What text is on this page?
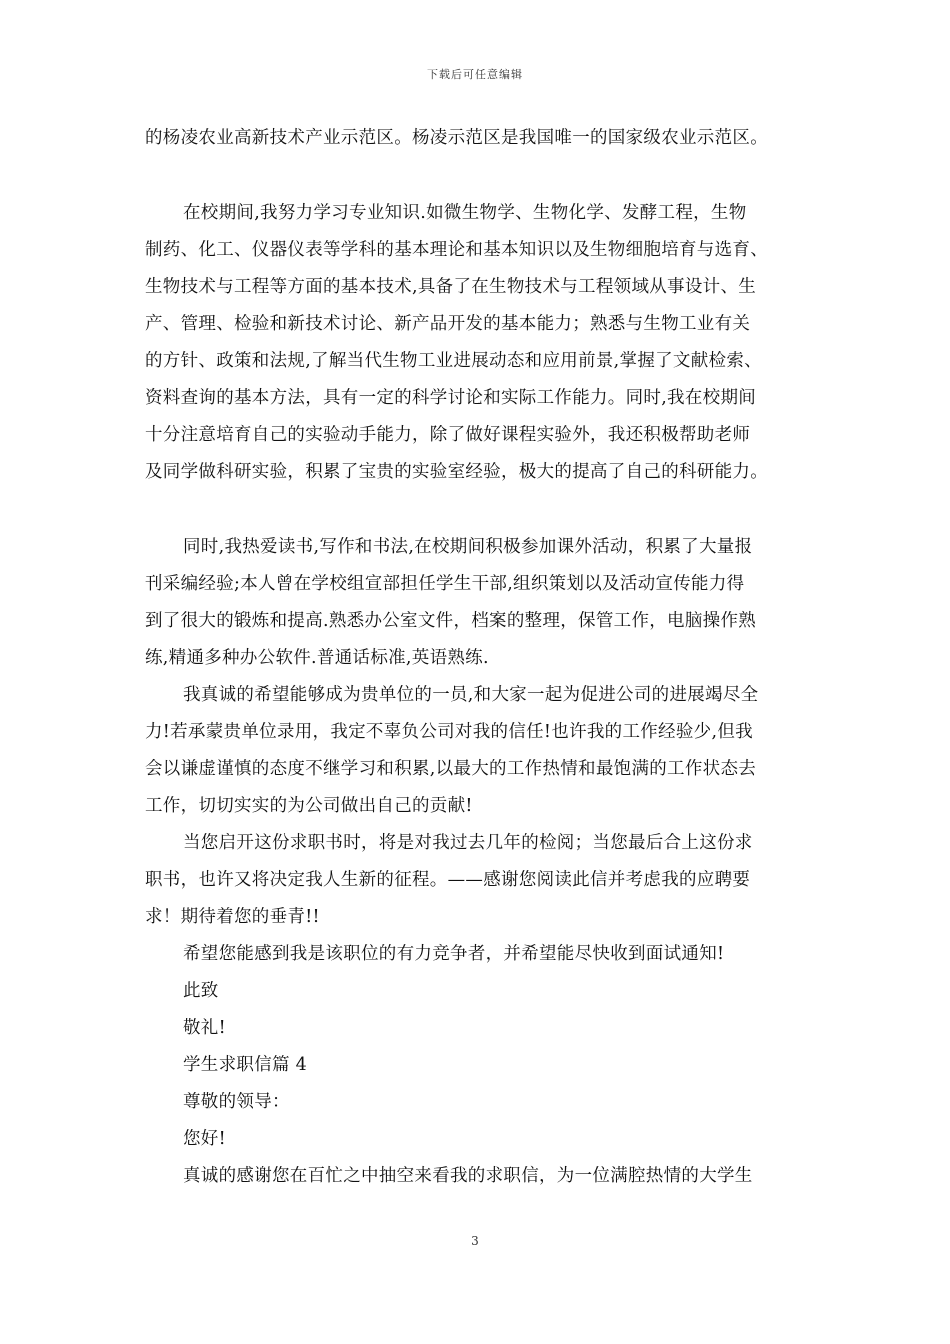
下载后可任意编辑
的杨凌农业高新技术产业示范区。杨凌示范区是我国唯一的国家级农业示范区。
在校期间,我努力学习专业知识.如微生物学、生物化学、发酵工程，生物
制药、化工、仪器仪表等学科的基本理论和基本知识以及生物细胞培育与选育、
生物技术与工程等方面的基本技术,具备了在生物技术与工程领域从事设计、生
产、管理、检验和新技术讨论、新产品开发的基本能力；熟悉与生物工业有关
的方针、政策和法规,了解当代生物工业进展动态和应用前景,掌握了文献检索、
资料查询的基本方法，具有一定的科学讨论和实际工作能力。同时,我在校期间
十分注意培育自己的实验动手能力，除了做好课程实验外，我还积极帮助老师
及同学做科研实验，积累了宝贵的实验室经验，极大的提高了自己的科研能力。
同时,我热爱读书,写作和书法,在校期间积极参加课外活动，积累了大量报
刊采编经验;本人曾在学校组宣部担任学生干部,组织策划以及活动宣传能力得
到了很大的锻炼和提高.熟悉办公室文件，档案的整理，保管工作，电脑操作熟
练,精通多种办公软件.普通话标准,英语熟练.
我真诚的希望能够成为贵单位的一员,和大家一起为促进公司的进展竭尽全
力!若承蒙贵单位录用，我定不辜负公司对我的信任!也许我的工作经验少,但我
会以谦虚谨慎的态度不继学习和积累,以最大的工作热情和最饱满的工作状态去
工作，切切实实的为公司做出自己的贡献!
当您启开这份求职书时，将是对我过去几年的检阅；当您最后合上这份求
职书，也许又将决定我人生新的征程。——感谢您阅读此信并考虑我的应聘要
求！期待着您的垂青!!
希望您能感到我是该职位的有力竞争者，并希望能尽快收到面试通知!
此致
敬礼!
学生求职信篇 4
尊敬的领导：
您好!
真诚的感谢您在百忙之中抽空来看我的求职信，为一位满腔热情的大学生
3
